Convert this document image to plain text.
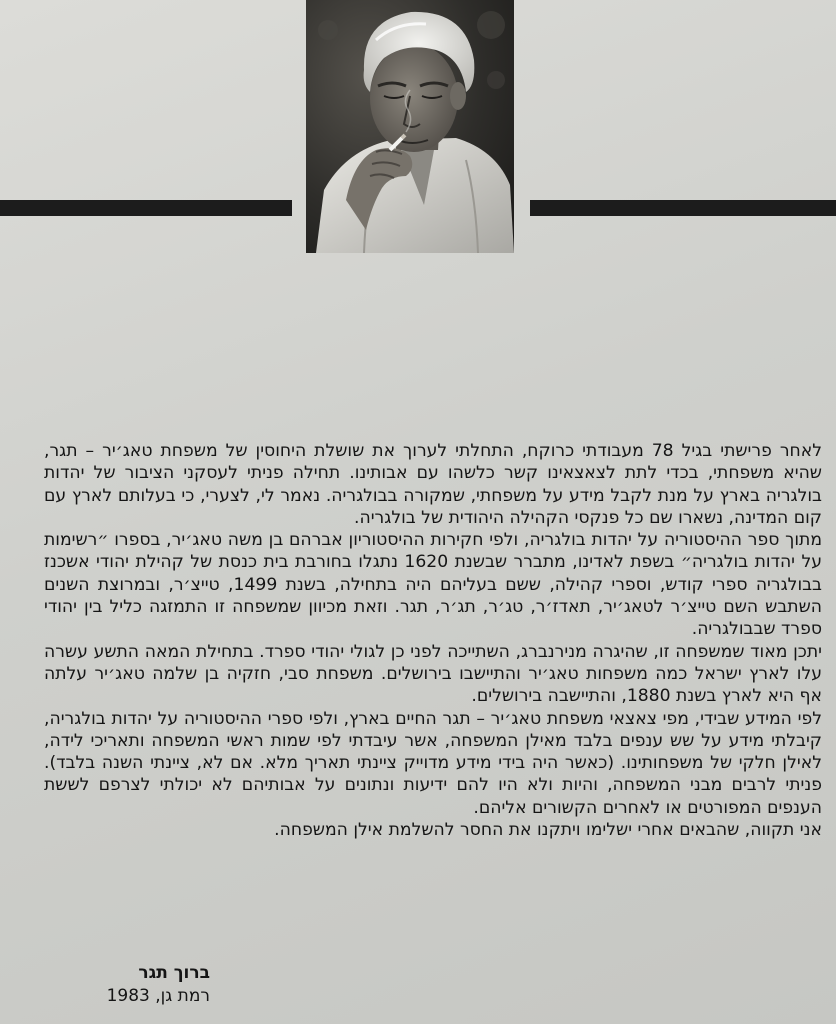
לאחר פרישתי בגיל 78 מעבודתי כרוקח, התחלתי לערוך את שושלת היחוסין של משפחת טאג׳יר – תגר, שהיא משפחתי, בכדי לתת לצאצאינו קשר כלשהו עם אבותינו. תחילה פניתי לעסקני הציבור של יהדות בולגריה בארץ על מנת לקבל מידע על משפחתי, שמקורה בבולגריה. נאמר לי, לצערי, כי בעלותם לארץ עם קום המדינה, נשארו שם כל פנקסי הקהילה היהודית של בולגריה.

מתוך ספר ההיסטוריה על יהדות בולגריה, ולפי חקירות ההיסטוריון אברהם בן משה טאג׳יר, בספרו ״רשימות על יהדות בולגריה״ בשפת לאדינו, מתברר שבשנת 1620 נתגלו בחורבת בית כנסת של קהילת יהודי אשכנז בבולגריה ספרי קודש, וספרי קהילה, ששם בעליהם היה בתחילה, בשנת 1499, טייצ׳ר, ובמרוצת השנים השתבש השם טייצ׳ר לטאג׳יר, תאדז׳ר, טג׳ר, תג׳ר, תגר. וזאת מכיוון שמשפחה זו התמזגה כליל בין יהודי ספרד שבבולגריה.

יתכן מאוד שמשפחה זו, שהיגרה מנירנברג, השתייכה לפני כן לגולי יהודי ספרד. בתחילת המאה התשע עשרה עלו לארץ ישראל כמה משפחות טאג׳יר והתיישבו בירושלים. משפחת סבי, חזקיה בן שלמה טאג׳יר עלתה אף היא לארץ בשנת 1880, והתיישבה בירושלים.

לפי המידע שבידי, מפי צאצאי משפחת טאג׳יר – תגר החיים בארץ, ולפי ספרי ההיסטוריה על יהדות בולגריה, קיבלתי מידע על שש ענפים בלבד מאילן המשפחה, אשר עיבדתי לפי שמות ראשי המשפחה ותאריכי לידה, לאילן חלקי של משפחותינו. (כאשר היה בידי מידע מדוייק ציינתי תאריך מלא. אם לא, ציינתי השנה בלבד). פניתי לרבים מבני המשפחה, והיות ולא היו להם ידיעות ונתונים על אבותיהם לא יכולתי לצרפם לששת הענפים המפורטים או לאחרים הקשורים אליהם.

אני תקווה, שהבאים אחרי ישלימו ויתקנו את החסר להשלמת אילן המשפחה.

ברוך תגר
רמת גן, 1983
